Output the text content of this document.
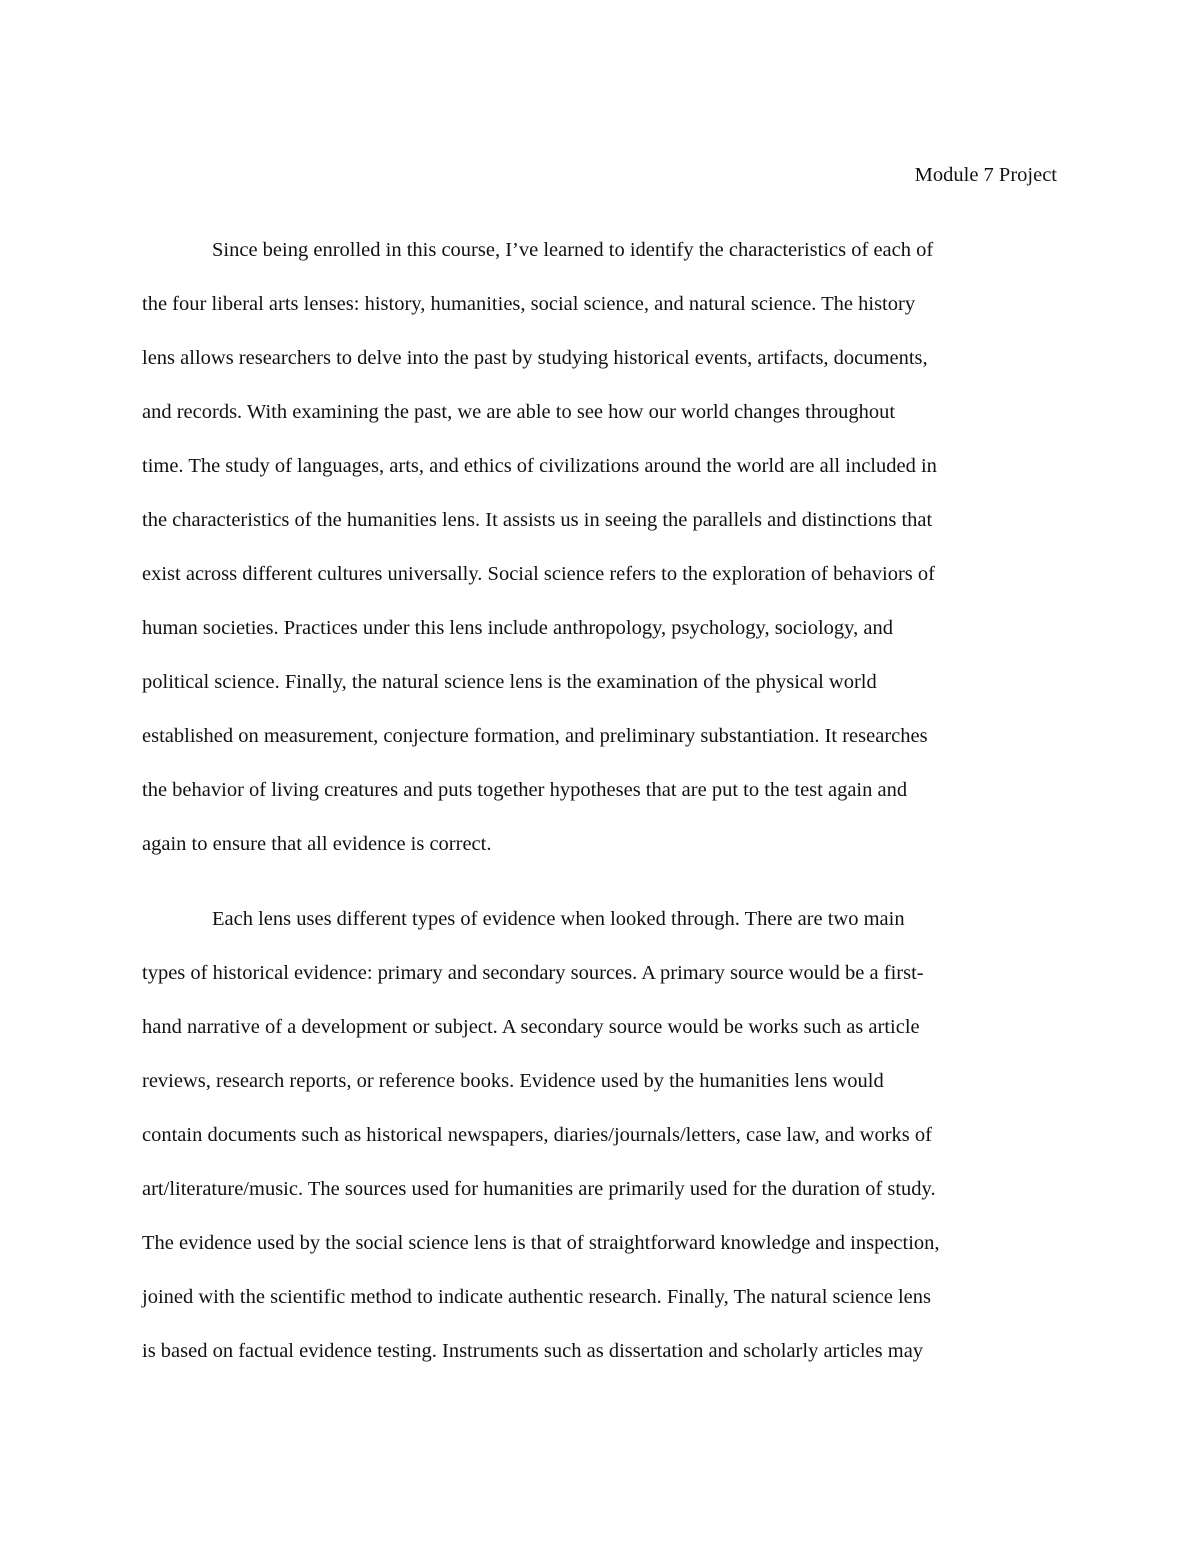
Module 7 Project
Since being enrolled in this course, I’ve learned to identify the characteristics of each of
the four liberal arts lenses: history, humanities, social science, and natural science. The history
lens allows researchers to delve into the past by studying historical events, artifacts, documents,
and records. With examining the past, we are able to see how our world changes throughout
time. The study of languages, arts, and ethics of civilizations around the world are all included in
the characteristics of the humanities lens. It assists us in seeing the parallels and distinctions that
exist across different cultures universally. Social science refers to the exploration of behaviors of
human societies. Practices under this lens include anthropology, psychology, sociology, and
political science. Finally, the natural science lens is the examination of the physical world
established on measurement, conjecture formation, and preliminary substantiation. It researches
the behavior of living creatures and puts together hypotheses that are put to the test again and
again to ensure that all evidence is correct.
Each lens uses different types of evidence when looked through. There are two main
types of historical evidence: primary and secondary sources. A primary source would be a first-
hand narrative of a development or subject. A secondary source would be works such as article
reviews, research reports, or reference books. Evidence used by the humanities lens would
contain documents such as historical newspapers, diaries/journals/letters, case law, and works of
art/literature/music. The sources used for humanities are primarily used for the duration of study.
The evidence used by the social science lens is that of straightforward knowledge and inspection,
joined with the scientific method to indicate authentic research. Finally, The natural science lens
is based on factual evidence testing. Instruments such as dissertation and scholarly articles may
